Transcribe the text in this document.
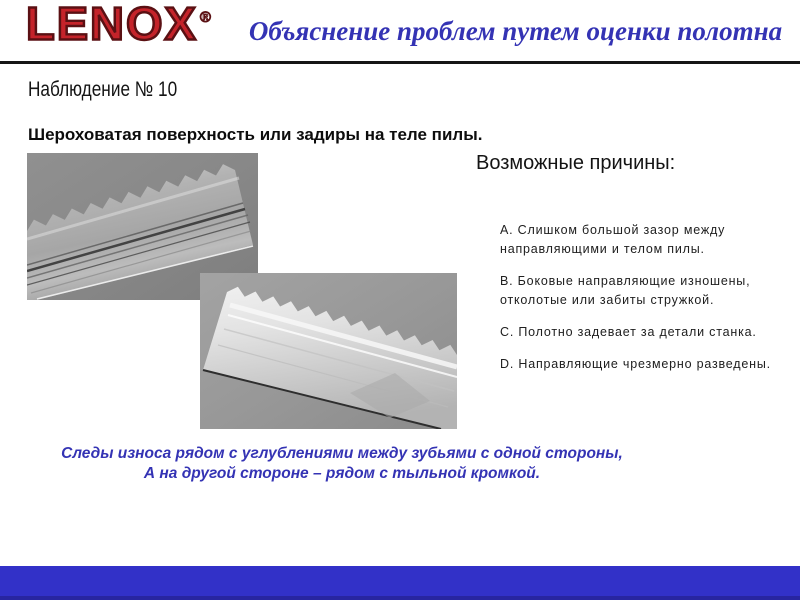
LENOX ® Объяснение проблем путем оценки полотна
Наблюдение № 10
Шероховатая поверхность или задиры на теле пилы.
Возможные причины:

A. Слишком большой зазор между направляющими и телом пилы.

B. Боковые направляющие изношены, отколотые или забиты стружкой.

C. Полотно задевает за детали станка.

D. Направляющие чрезмерно разведены.

Следы износа рядом с углублениями между зубьями с одной стороны,
А на другой стороне – рядом с тыльной кромкой.
